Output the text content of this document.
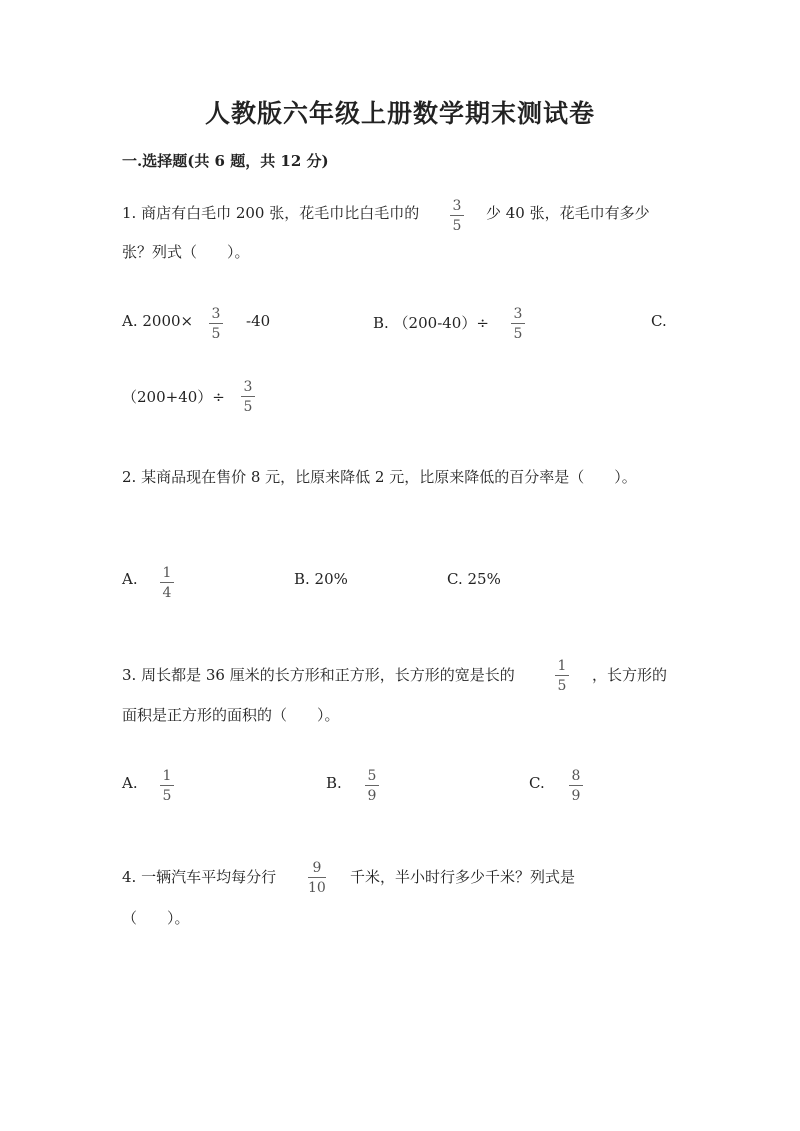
人教版六年级上册数学期末测试卷
一.选择题(共 6 题，共 12 分)
1. 商店有白毛巾 200 张，花毛巾比白毛巾的 3
5
少 40 张，花毛巾有多少
张？列式（　　）。
A. 2000× 3
5
-40	B. （200-40）÷ 3
5
C.
（200+40）÷
3
5
2. 某商品现在售价 8 元，比原来降低 2 元，比原来降低的百分率是（　　）。
A. 1
4
B. 20%	C. 25%
3. 周长都是 36 厘米的长方形和正方形，长方形的宽是长的	1
5
，长方形的
面积是正方形的面积的（　　）。
A. 1
5
B. 5
9
C. 8
9
4. 一辆汽车平均每分行	9
10
千米，半小时行多少千米？列式是
（　　）。
